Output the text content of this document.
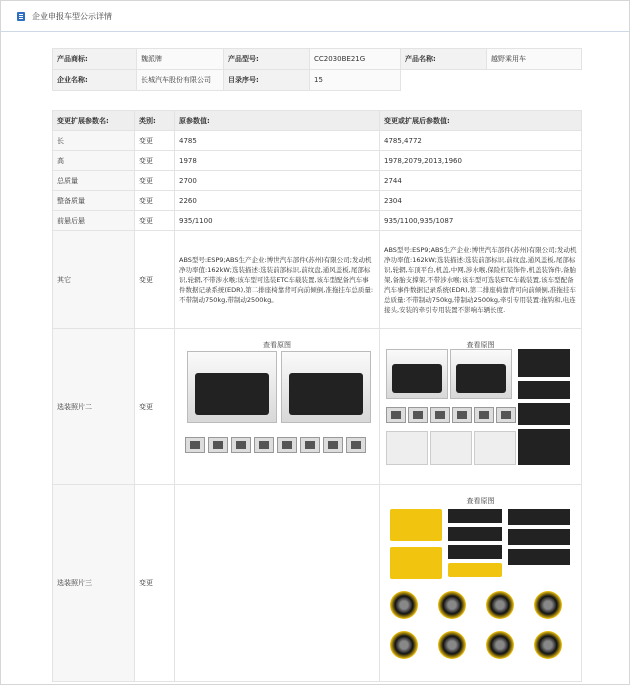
企业申报车型公示详情
产品商标:	魏派牌	产品型号:	CC2030BE21G	产品名称:	越野乘用车
企业名称:	长城汽车股份有限公司	目录序号:	15		
变更扩展参数名:	类别:	原参数值:	变更或扩展后参数值:
长	变更	4785	4785,4772
高	变更	1978	1978,2079,2013,1960
总质量	变更	2700	2744
整备质量	变更	2260	2304
前悬后悬	变更	935/1100	935/1100,935/1087
其它	变更	ABS型号:ESP9;ABS生产企业:博世汽车部件(苏州)有限公司;发动机净功率值:162kW;选装描述:选装前部标识,前纹盘,通风盖板,尾部标识,轮辋,不带涉水喉;该车型可选装ETC车载装置,该车型配备汽车事件数据记录系统(EDR),第二排座椅靠背可向前倾倒,准拖挂车总质量:不带制动750kg,带制动2500kg。	ABS型号:ESP9;ABS生产企业:博世汽车部件(苏州)有限公司;发动机净功率值:162kW;选装描述:选装前部标识,前纹盘,通风盖板,尾部标识,轮辋,车顶平台,机盖,中网,涉水喉,保险杠装饰件,机盖装饰件,备胎架,备胎支撑架,不带涉水喉;该车型可选装ETC车载装置,该车型配备汽车事件数据记录系统(EDR),第二排座椅靠背可向前倾倒,准拖挂车总质量:不带制动750kg,带制动2500kg,牵引专用装置:拖钩和,电连接头,安装的牵引专用装置不影响车辆长度.
选装照片二	变更	查看原图	查看原图

选装照片三	变更		查看原图
